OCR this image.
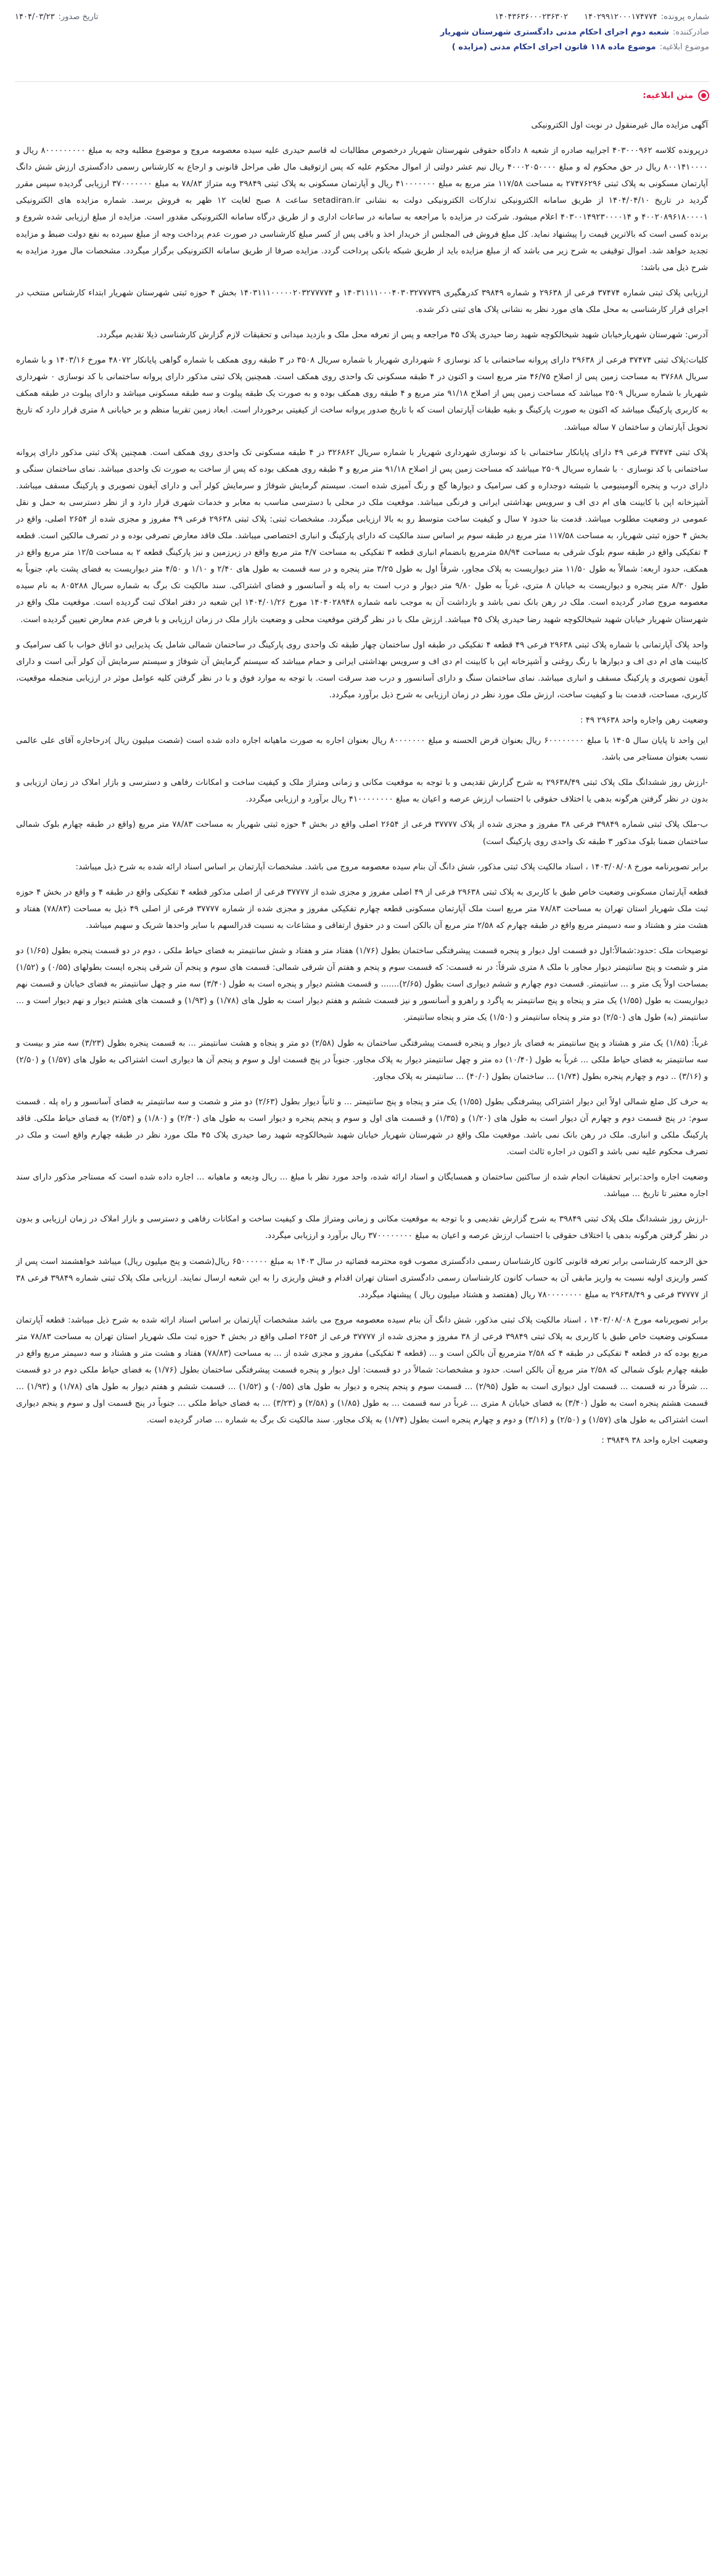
شماره پرونده:
۱۴۰۲۹۹۱۲۰۰۰۱۷۴۷۷۴
۱۴۰۴۳۶۳۶۰۰۰۲۳۶۳۰۲
تاریخ صدور:
۱۴۰۴/۰۳/۲۳
صادرکننده:
شعبه دوم اجرای احکام مدنی دادگستری شهرستان شهریار
موضوع ابلاغیه:
موضوع ماده ۱۱۸ قانون اجرای احکام مدنی (مزایده )
متن ابلاغیه:

آگهی مزایده مال غیرمنقول در نوبت اول الکترونیکی

درپرونده کلاسه ۴۰۳۰۰۰۹۶۲ اجراییه صادره از شعبه ۸ دادگاه حقوقی شهرستان شهریار درخصوص مطالبات له قاسم حیدری علیه سیده معصومه مروج و موضوع مطلبه وجه به مبلغ ۸۰۰۰۰۰۰۰۰۰ ریال و ۸۰۰۱۴۱۰۰۰۰ ریال در حق محکوم له و مبلغ ۴۰۰۰۲۰۵۰۰۰۰ ریال نیم عشر دولتی از اموال محکوم علیه که پس ازتوقیف مال طی مراحل قانونی و ارجاع به کارشناس رسمی دادگستری ارزش شش دانگ آپارتمان مسکونی به پلاک ثبتی ۲۷۴۷۶۲۹۶ به مساحت ۱۱۷/۵۸ متر مربع به مبلغ ۴۱۰۰۰۰۰۰۰ ریال و آپارتمان مسکونی به پلاک ثبتی ۳۹۸۴۹ وبه متراژ ۷۸/۸۳ به مبلغ ۳۷۰۰۰۰۰۰۰ ارزیابی گردیده سپس مقرر گردید در تاریخ ۱۴۰۴/۰۴/۱۰ از طریق سامانه الکترونیکی تدارکات الکترونیکی دولت به نشانی setadiran.ir ساعت ۸ صبح لغایت ۱۲ ظهر به فروش برسد. شماره مزایده های الکترونیکی ۴۰۰۲۰۸۹۶۱۸۰۰۰۰۱ و ۴۰۳۰۰۱۴۹۲۳۰۰۰۰۱۴ اعلام میشود. شرکت در مزایده با مراجعه به سامانه در ساعات اداری و از طریق درگاه سامانه الکترونیکی مقدور است. مزایده از مبلغ ارزیابی شده شروع و برنده کسی است که بالاترین قیمت را پیشنهاد نماید. کل مبلغ فروش فی المجلس از خریدار اخذ و باقی پس از کسر مبلغ کارشناسی در صورت عدم پرداخت وجه از مبلغ سپرده به نفع دولت ضبط و مزایده تجدید خواهد شد. اموال توقیفی به شرح زیر می باشد که از مبلغ مزایده باید از طریق شبکه بانکی پرداخت گردد. مزایده صرفا از طریق سامانه الکترونیکی برگزار میگردد. مشخصات مال مورد مزایده به شرح ذیل می باشد:

ارزیابی پلاک ثبتی شماره ۳۷۴۷۴ فرعی از ۲۹۶۳۸ و شماره ۳۹۸۴۹ کدرهگیری ۱۴۰۳۱۱۱۱۰۰۰۴۰۳۰۳۲۷۷۷۳۹ و ۱۴۰۳۱۱۱۰۰۰۰۰۲۰۳۲۷۷۷۷۴ بخش ۴ حوزه ثبتی شهرستان شهریار ابتداء کارشناس منتخب در اجرای قرار کارشناسی به محل ملک های مورد نظر به نشانی پلاک های ثبتی ذکر شده.

آدرس: شهرستان شهریارخیابان شهید شیخالکوچه شهید رضا حیدری پلاک ۴۵ مراجعه و پس از تعرفه محل ملک و بازدید میدانی و تحقیقات لازم گزارش کارشناسی ذیلا تقدیم میگردد.

کلیات:پلاک ثبتی ۳۷۴۷۴ فرعی از ۲۹۶۳۸ دارای پروانه ساختمانی با کد نوسازی ۶ شهرداری شهریار با شماره سریال ۳۵۰۸ در ۳ طبقه روی همکف با شماره گواهی پایانکار ۴۸۰۷۲ مورخ ۱۴۰۳/۱۶ و با شماره سریال ۳۷۶۸۸ به مساحت زمین پس از اصلاح ۴۶/۷۵ متر مربع است و اکنون در ۴ طبقه مسکونی تک واحدی روی همکف است. همچنین پلاک ثبتی مذکور دارای پروانه ساختمانی با کد نوسازی ۰ شهرداری شهریار با شماره سریال ۲۵۰۹ میباشد که مساحت زمین پس از اصلاح ۹۱/۱۸ متر مربع و ۴ طبقه روی همکف بوده و به صورت یک طبقه پیلوت و سه طبقه مسکونی میباشد و دارای پیلوت در طبقه همکف به کاربری پارکینگ میباشد که اکنون به صورت پارکینگ و بقیه طبقات آپارتمان است که با تاریخ صدور پروانه ساخت از کیفیتی برخوردار است. ابعاد زمین تقریبا منظم و بر خیابانی ۸ متری قرار دارد که تاریخ تحویل آپارتمان و ساختمان ۷ ساله میباشد.

پلاک ثبتی ۳۷۴۷۴ فرعی ۴۹ دارای پایانکار ساختمانی با کد نوسازی شهرداری شهریار با شماره سریال ۳۲۶۸۶۲ در ۴ طبقه مسکونی تک واحدی روی همکف است. همچنین پلاک ثبتی مذکور دارای پروانه ساختمانی با کد نوسازی ۰ با شماره سریال ۲۵۰۹ میباشد که مساحت زمین پس از اصلاح ۹۱/۱۸ متر مربع و ۴ طبقه روی همکف بوده که پس از ساخت به صورت تک واحدی میباشد. نمای ساختمان سنگی و دارای درب و پنجره آلومینیومی با شیشه دوجداره و کف سرامیک و دیوارها گچ و رنگ آمیزی شده است. سیستم گرمایش شوفاژ و سرمایش کولر آبی و دارای آیفون تصویری و پارکینگ مسقف میباشد. آشپزخانه اپن با کابینت های ام دی اف و سرویس بهداشتی ایرانی و فرنگی میباشد. موقعیت ملک در محلی با دسترسی مناسب به معابر و خدمات شهری قرار دارد و از نظر دسترسی به حمل و نقل عمومی در وضعیت مطلوب میباشد. قدمت بنا حدود ۷ سال و کیفیت ساخت متوسط رو به بالا ارزیابی میگردد. مشخصات ثبتی: پلاک ثبتی ۲۹۶۳۸ فرعی ۴۹ مفروز و مجزی شده از ۲۶۵۴ اصلی، واقع در بخش ۴ حوزه ثبتی شهریار، به مساحت ۱۱۷/۵۸ متر مربع در طبقه سوم بر اساس سند مالکیت که دارای پارکینگ و انباری اختصاصی میباشد. ملک فاقد معارض تصرفی بوده و در تصرف مالکین است. قطعه ۴ تفکیکی واقع در طبقه سوم بلوک شرقی به مساحت ۵۸/۹۴ مترمربع بانضمام انباری قطعه ۳ تفکیکی به مساحت ۴/۷ متر مربع واقع در زیرزمین و نیز پارکینگ قطعه ۲ به مساحت ۱۲/۵ متر مربع واقع در همکف، حدود اربعه: شمالاً به طول ۱۱/۵۰ متر دیواریست به پلاک مجاور، شرقاً اول به طول ۳/۲۵ متر پنجره و در سه قسمت به طول های ۲/۴۰ و ۱/۱۰ و ۴/۵۰ متر دیواریست به فضای پشت بام، جنوباً به طول ۸/۳۰ متر پنجره و دیواریست به خیابان ۸ متری، غرباً به طول ۹/۸۰ متر دیوار و درب است به راه پله و آسانسور و فضای اشتراکی. سند مالکیت تک برگ به شماره سریال ۸۰۵۲۸۸ به نام سیده معصومه مروج صادر گردیده است. ملک در رهن بانک نمی باشد و بازداشت آن به موجب نامه شماره ۱۴۰۴۰۲۸۹۴۸ مورخ ۱۴۰۴/۰۱/۲۶ این شعبه در دفتر املاک ثبت گردیده است. موقعیت ملک واقع در شهرستان شهریار خیابان شهید شیخالکوچه شهید رضا حیدری پلاک ۴۵ میباشد. ارزش ملک با در نظر گرفتن موقعیت محلی و وضعیت بازار ملک در زمان ارزیابی و با فرض عدم معارض تعیین گردیده است.

واحد پلاک آپارتمانی با شماره پلاک ثبتی ۲۹۶۳۸ فرعی ۴۹ قطعه ۴ تفکیکی در طبقه اول ساختمان چهار طبقه تک واحدی روی پارکینگ در ساختمان شمالی شامل یک پذیرایی دو اتاق خواب با کف سرامیک و کابینت های ام دی اف و دیوارها با رنگ روغنی و آشپزخانه اپن با کابینت ام دی اف و سرویس بهداشتی ایرانی و حمام میباشد که سیستم گرمایش آن شوفاژ و سیستم سرمایش آن کولر آبی است و دارای آیفون تصویری و پارکینگ مسقف و انباری میباشد. نمای ساختمان سنگ و دارای آسانسور و درب ضد سرقت است. با توجه به موارد فوق و با در نظر گرفتن کلیه عوامل موثر در ارزیابی منجمله موقعیت، کاربری، مساحت، قدمت بنا و کیفیت ساخت، ارزش ملک مورد نظر در زمان ارزیابی به شرح ذیل برآورد میگردد.

وضعیت رهن واجاره واحد ۲۹۶۳۸ ۴۹ :

این واحد تا پایان سال ۱۴۰۵ با مبلغ ۶۰۰۰۰۰۰۰۰ ریال بعنوان قرض الحسنه و مبلغ ۸۰۰۰۰۰۰۰ ریال بعنوان اجاره به صورت ماهیانه اجاره داده شده است (شصت میلیون ریال )درحاجاره آقای علی عالمی نسب بعنوان مستاجر می باشد.

-ارزش روز ششدانگ ملک پلاک ثبتی ۲۹۶۳۸/۴۹ به شرح گزارش تقدیمی و با توجه به موقعیت مکانی و زمانی ومتراژ ملک و کیفیت ساخت و امکانات رفاهی و دسترسی و بازار املاک در زمان ارزیابی و بدون در نظر گرفتن هرگونه بدهی یا اختلاف حقوقی با احتساب ارزش عرصه و اعیان به مبلغ ۴۱۰۰۰۰۰۰۰۰ ریال برآورد و ارزیابی میگردد.

ب-ملک پلاک ثبتی شماره ۳۹۸۴۹ فرعی ۳۸ مفروز و مجزی شده از پلاک ۳۷۷۷۷ فرعی از ۲۶۵۴ اصلی واقع در بخش ۴ حوزه ثبتی شهریار به مساحت ۷۸/۸۳ متر مربع (واقع در طبقه چهارم بلوک شمالی ساختمان ضمنا بلوک مذکور ۳ طبقه تک واحدی روی پارکینگ است)

برابر تصویرنامه مورخ ۱۴۰۳/۰۸/۰۸ ، اسناد مالکیت پلاک ثبتی مذکور، شش دانگ آن بنام سیده معصومه مروج می باشد. مشخصات آپارتمان بر اساس اسناد ارائه شده به شرح ذیل میباشد:

قطعه آپارتمان مسکونی وضعیت خاص طبق با کاربری به پلاک ثبتی ۲۹۶۳۸ فرعی از ۴۹ اصلی مفروز و مجزی شده از ۳۷۷۷۷ فرعی از اصلی مذکور قطعه ۴ تفکیکی واقع در طبقه ۴ و واقع در بخش ۴ حوزه ثبت ملک شهریار استان تهران به مساحت ۷۸/۸۳ متر مربع است ملک آپارتمان مسکونی قطعه چهارم تفکیکی مفروز و مجزی شده از شماره ۳۷۷۷۷ فرعی از اصلی ۴۹ ذیل به مساحت (۷۸/۸۳) هفتاد و هشت متر و هشتاد و سه دسیمتر مربع واقع در طبقه چهارم که ۲/۵۸ متر مربع آن بالکن است و در حقوق ارتفاقی و مشاعات به نسبت قدرالسهم با سایر واحدها شریک و سهیم میباشد.

توضیحات ملک :حدود:شمالاً:اول دو قسمت اول دیوار و پنجره قسمت پیشرفتگی ساختمان بطول (۱/۷۶) هفتاد متر و هفتاد و شش سانتیمتر به فضای حیاط ملکی ، دوم در دو قسمت پنجره بطول (۱/۶۵) دو متر و شصت و پنج سانتیمتر دیوار مجاور با ملک ۸ متری شرقاً: در نه قسمت: که قسمت سوم و پنجم و هفتم آن شرقی شمالی: قسمت های سوم و پنجم آن شرقی پنجره ایست بطولهای (۰/۵۵) و (۱/۵۲) بمساحت اولاً یک متر و ... سانتیمتر. قسمت دوم چهارم و ششم دیواری است بطول (۲/۶۵)....... و قسمت هشتم دیوار و پنجره است به طول (۳/۴۰) سه متر و چهل سانتیمتر به فضای خیابان و قسمت نهم دیواریست به طول (۱/۵۵) یک متر و پنجاه و پنج سانتیمتر به پاگرد و راهرو و آسانسور و نیز قسمت ششم و هفتم دیوار است به طول های (۱/۷۸) و (۱/۹۳) و قسمت های هشتم دیوار و نهم دیوار است و ... سانتیمتر (به) طول های (۲/۵۰) دو متر و پنجاه سانتیمتر و (۱/۵۰) یک متر و پنجاه سانتیمتر.

غرباً: (۱/۸۵) یک متر و هشتاد و پنج سانتیمتر به فضای باز دیوار و پنجره قسمت پیشرفتگی ساختمان به طول (۲/۵۸) دو متر و پنجاه و هشت سانتیمتر ... به قسمت پنجره بطول (۳/۲۳) سه متر و بیست و سه سانتیمتر به فضای حیاط ملکی ... غرباً به طول (۱۰/۴۰) ده متر و چهل سانتیمتر دیوار به پلاک مجاور. جنوباً در پنج قسمت اول و سوم و پنجم آن ها دیواری است اشتراکی به طول های (۱/۵۷) و (۲/۵۰) و (۳/۱۶) .. دوم و چهارم پنجره بطول (۱/۷۴) ... ساختمان بطول (۴۰/۰) ... سانتیمتر به پلاک مجاور.

به حرف کل ضلع شمالی اولاً این دیوار اشتراکی پیشرفتگی بطول (۱/۵۵) یک متر و پنجاه و پنج سانتیمتر ... و ثانیاً دیوار بطول (۲/۶۳) دو متر و شصت و سه سانتیمتر به فضای آسانسور و راه پله . قسمت سوم: در پنج قسمت دوم و چهارم آن دیوار است به طول های (۱/۲۰) و (۱/۳۵) و قسمت های اول و سوم و پنجم پنجره و دیوار است به طول های (۲/۴۰) و (۱/۸۰) و (۲/۵۴) به فضای حیاط ملکی. فاقد پارکینگ ملکی و انباری. ملک در رهن بانک نمی باشد. موقعیت ملک واقع در شهرستان شهریار خیابان شهید شیخالکوچه شهید رضا حیدری پلاک ۴۵ ملک مورد نظر در طبقه چهارم واقع است و ملک در تصرف محکوم علیه نمی باشد و اکنون در اجاره ثالث است.

وضعیت اجاره واحد:برابر تحقیقات انجام شده از ساکنین ساختمان و همسایگان و اسناد ارائه شده، واحد مورد نظر با مبلغ ... ریال ودیعه و ماهیانه ... اجاره داده شده است که مستاجر مذکور دارای سند اجاره معتبر تا تاریخ ... میباشد.

-ارزش روز ششدانگ ملک پلاک ثبتی ۳۹۸۴۹ به شرح گزارش تقدیمی و با توجه به موقعیت مکانی و زمانی ومتراژ ملک و کیفیت ساخت و امکانات رفاهی و دسترسی و بازار املاک در زمان ارزیابی و بدون در نظر گرفتن هرگونه بدهی یا اختلاف حقوقی با احتساب ارزش عرصه و اعیان به مبلغ ۳۷۰۰۰۰۰۰۰۰ ریال برآورد و ارزیابی میگردد.

حق الزحمه کارشناسی برابر تعرفه قانونی کانون کارشناسان رسمی دادگستری مصوب قوه محترمه قضائیه در سال ۱۴۰۳ به مبلغ ۶۵۰۰۰۰۰۰ ریال(شصت و پنج میلیون ریال) میباشد خواهشمند است پس از کسر واریزی اولیه نسبت به واریز مابقی آن به حساب کانون کارشناسان رسمی دادگستری استان تهران اقدام و فیش واریزی را به این شعبه ارسال نمایند. ارزیابی ملک پلاک ثبتی شماره ۳۹۸۴۹ فرعی ۳۸ از ۳۷۷۷۷ فرعی و ۲۹۶۳۸/۴۹ به مبلغ ۷۸۰۰۰۰۰۰۰۰ ریال (هفتصد و هشتاد میلیون ریال ) پیشنهاد میگردد.

برابر تصویرنامه مورخ ۱۴۰۳/۰۸/۰۸ ، اسناد مالکیت پلاک ثبتی مذکور، شش دانگ آن بنام سیده معصومه مروج می باشد مشخصات آپارتمان بر اساس اسناد ارائه شده به شرح ذیل میباشد: قطعه آپارتمان مسکونی وضعیت خاص طبق با کاربری به پلاک ثبتی ۳۹۸۴۹ فرعی از ۳۸ مفروز و مجزی شده از ۳۷۷۷۷ فرعی از ۲۶۵۴ اصلی واقع در بخش ۴ حوزه ثبت ملک شهریار استان تهران به مساحت ۷۸/۸۳ متر مربع بوده که در قطعه ۴ تفکیکی در طبقه ۴ که ۲/۵۸ مترمربع آن بالکن است و ... (قطعه ۴ تفکیکی) مفروز و مجزی شده از ... به مساحت (۷۸/۸۳) هفتاد و هشت متر و هشتاد و سه دسیمتر مربع واقع در طبقه چهارم بلوک شمالی که ۲/۵۸ متر مربع آن بالکن است. حدود و مشخصات: شمالاً در دو قسمت: اول دیوار و پنجره قسمت پیشرفتگی ساختمان بطول (۱/۷۶) به فضای حیاط ملکی دوم در دو قسمت ... شرقاً در نه قسمت ... قسمت اول دیواری است به طول (۲/۹۵) ... قسمت سوم و پنجم پنجره و دیوار به طول های (۰/۵۵) و (۱/۵۲) ... قسمت ششم و هفتم دیوار به طول های (۱/۷۸) و (۱/۹۳) ... قسمت هشتم پنجره است به طول (۳/۴۰) به فضای خیابان ۸ متری ... غرباً در سه قسمت ... به طول (۱/۸۵) و (۲/۵۸) و (۳/۲۳) ... به فضای حیاط ملکی ... جنوباً در پنج قسمت اول و سوم و پنجم دیواری است اشتراکی به طول های (۱/۵۷) و (۲/۵۰) و (۳/۱۶) و دوم و چهارم پنجره است بطول (۱/۷۴) به پلاک مجاور. سند مالکیت تک برگ به شماره ... صادر گردیده است.

وضعیت اجاره واحد ۳۸ ۳۹۸۴۹ :
